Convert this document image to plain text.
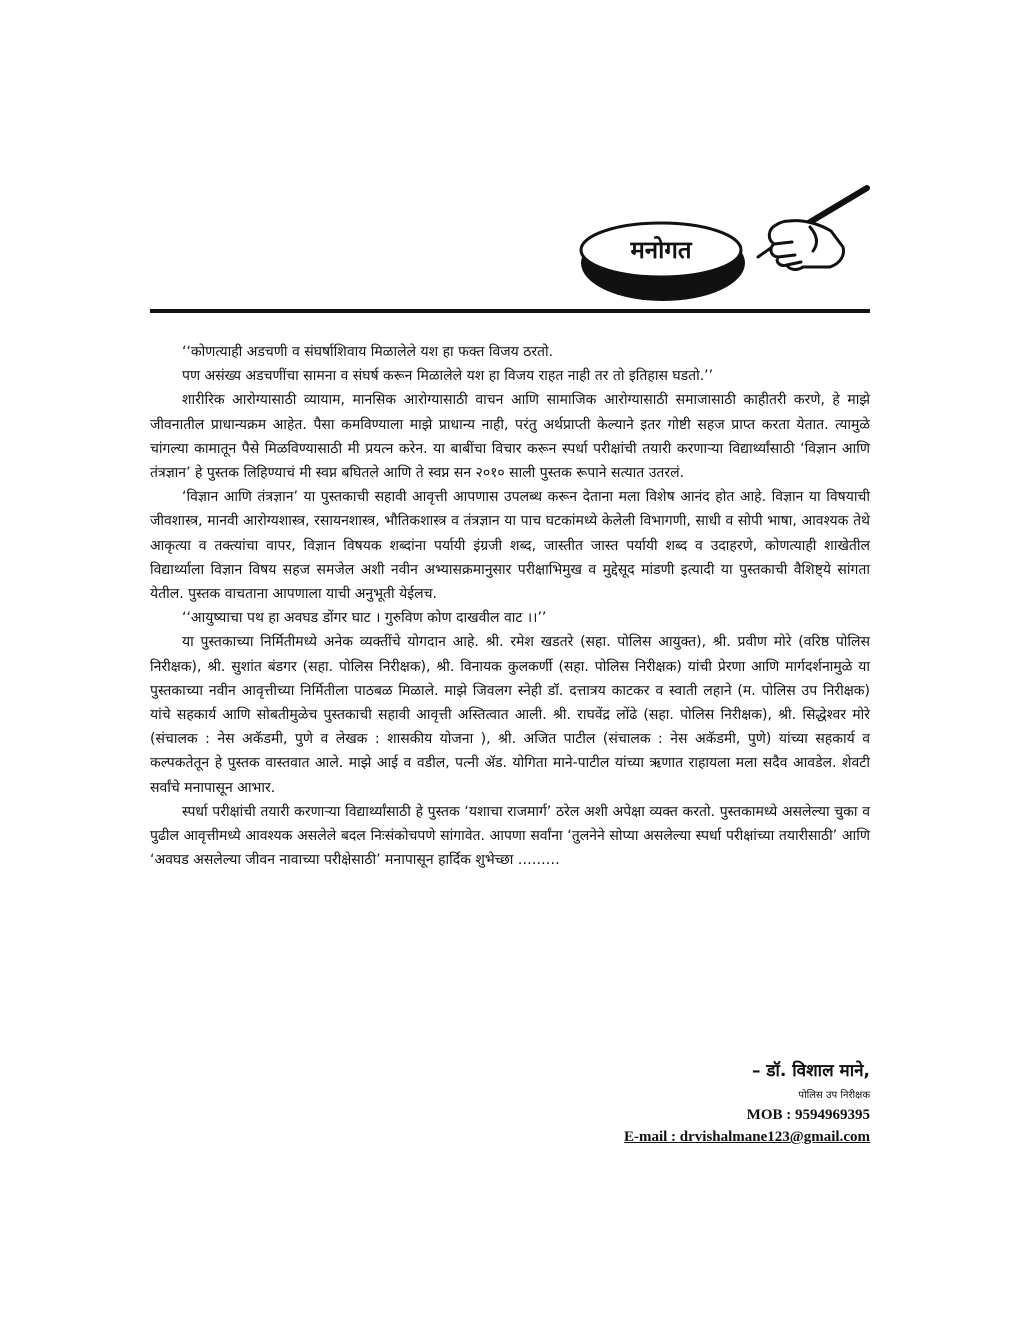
मनोगत

‘‘कोणत्याही अडचणी व संघर्षाशिवाय मिळालेले यश हा फक्त विजय ठरतो.

पण असंख्य अडचणींचा सामना व संघर्ष करून मिळालेले यश हा विजय राहत नाही तर तो इतिहास घडतो.’’

शारीरिक आरोग्यासाठी व्यायाम, मानसिक आरोग्यासाठी वाचन आणि सामाजिक आरोग्यासाठी समाजासाठी काहीतरी करणे, हे माझे जीवनातील प्राधान्यक्रम आहेत. पैसा कमविण्याला माझे प्राधान्य नाही, परंतु अर्थप्राप्ती केल्याने इतर गोष्टी सहज प्राप्त करता येतात. त्यामुळे चांगल्या कामातून पैसे मिळविण्यासाठी मी प्रयत्न करेन. या बाबींचा विचार करून स्पर्धा परीक्षांची तयारी करणाऱ्या विद्यार्थ्यांसाठी ‘विज्ञान आणि तंत्रज्ञान’ हे पुस्तक लिहिण्याचं मी स्वप्न बघितले आणि ते स्वप्न सन २०१० साली पुस्तक रूपाने सत्यात उतरलं.

‘विज्ञान आणि तंत्रज्ञान’ या पुस्तकाची सहावी आवृत्ती आपणास उपलब्ध करून देताना मला विशेष आनंद होत आहे. विज्ञान या विषयाची जीवशास्त्र, मानवी आरोग्यशास्त्र, रसायनशास्त्र, भौतिकशास्त्र व तंत्रज्ञान या पाच घटकांमध्ये केलेली विभागणी, साधी व सोपी भाषा, आवश्यक तेथे आकृत्या व तक्त्यांचा वापर, विज्ञान विषयक शब्दांना पर्यायी इंग्रजी शब्द, जास्तीत जास्त पर्यायी शब्द व उदाहरणे, कोणत्याही शाखेतील विद्यार्थ्याला विज्ञान विषय सहज समजेल अशी नवीन अभ्यासक्रमानुसार परीक्षाभिमुख व मुद्देसूद मांडणी इत्यादी या पुस्तकाची वैशिष्ट्ये सांगता येतील. पुस्तक वाचताना आपणाला याची अनुभूती येईलच.

‘‘आयुष्याचा पथ हा अवघड डोंगर घाट । गुरुविण कोण दाखवील वाट ।।’’

या पुस्तकाच्या निर्मितीमध्ये अनेक व्यक्तींचे योगदान आहे. श्री. रमेश खडतरे (सहा. पोलिस आयुक्त), श्री. प्रवीण मोरे (वरिष्ठ पोलिस निरीक्षक), श्री. सुशांत बंडगर (सहा. पोलिस निरीक्षक), श्री. विनायक कुलकर्णी (सहा. पोलिस निरीक्षक) यांची प्रेरणा आणि मार्गदर्शनामुळे या पुस्तकाच्या नवीन आवृत्तीच्या निर्मितीला पाठबळ मिळाले. माझे जिवलग स्नेही डॉ. दत्तात्रय काटकर व स्वाती लहाने (म. पोलिस उप निरीक्षक) यांचे सहकार्य आणि सोबतीमुळेच पुस्तकाची सहावी आवृत्ती अस्तित्वात आली. श्री. राघवेंद्र लोंढे (सहा. पोलिस निरीक्षक), श्री. सिद्धेश्वर मोरे (संचालक : नेस अकॅडमी, पुणे व लेखक : शासकीय योजना ), श्री. अजित पाटील (संचालक : नेस अकॅडमी, पुणे) यांच्या सहकार्य व कल्पकतेतून हे पुस्तक वास्तवात आले. माझे आई व वडील, पत्नी ॲड. योगिता माने-पाटील यांच्या ऋणात राहायला मला सदैव आवडेल. शेवटी सर्वांचे मनापासून आभार.

स्पर्धा परीक्षांची तयारी करणाऱ्या विद्यार्थ्यांसाठी हे पुस्तक ‘यशाचा राजमार्ग’ ठरेल अशी अपेक्षा व्यक्त करतो. पुस्तकामध्ये असलेल्या चुका व पुढील आवृत्तीमध्ये आवश्यक असलेले बदल निःसंकोचपणे सांगावेत. आपणा सर्वांना ‘तुलनेने सोप्या असलेल्या स्पर्धा परीक्षांच्या तयारीसाठी’ आणि ‘अवघड असलेल्या जीवन नावाच्या परीक्षेसाठी’ मनापासून हार्दिक शुभेच्छा ………

– डॉ. विशाल माने,
पोलिस उप निरीक्षक
MOB : 9594969395
E-mail : drvishalmane123@gmail.com
